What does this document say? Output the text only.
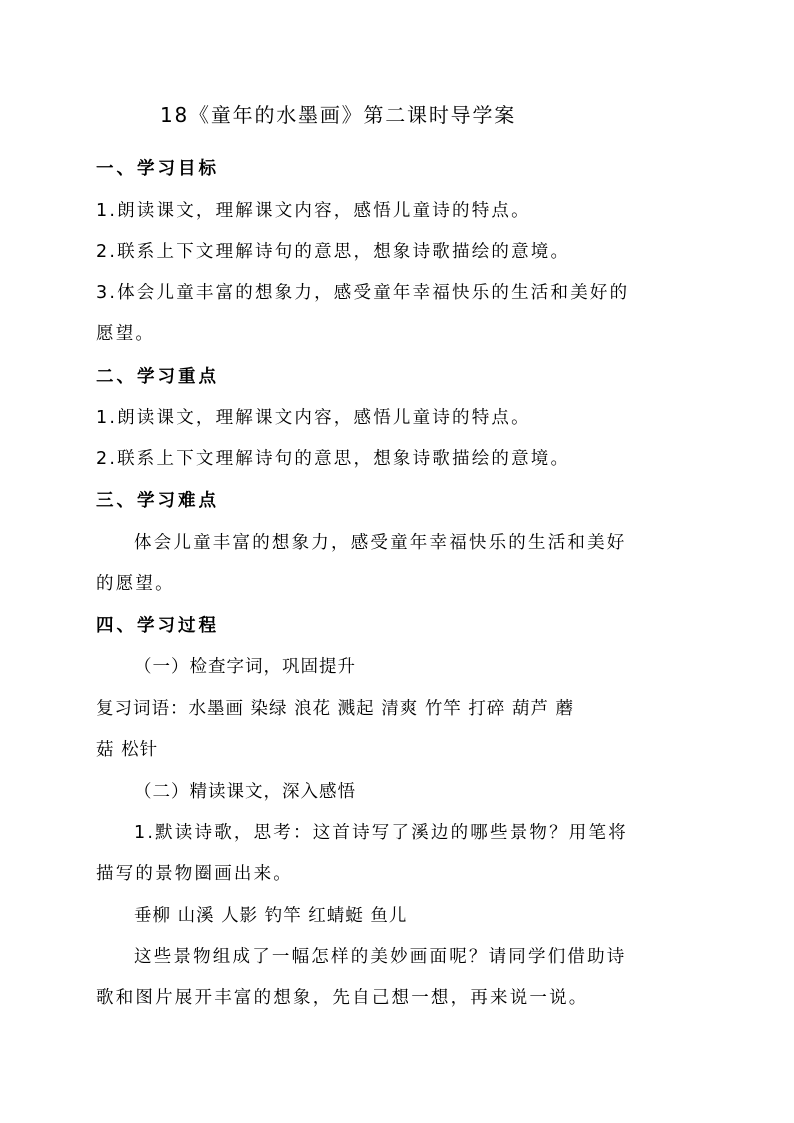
18《童年的水墨画》第二课时导学案
一、学习目标
1.朗读课文，理解课文内容，感悟儿童诗的特点。
2.联系上下文理解诗句的意思，想象诗歌描绘的意境。
3.体会儿童丰富的想象力，感受童年幸福快乐的生活和美好的
愿望。
二、学习重点
1.朗读课文，理解课文内容，感悟儿童诗的特点。
2.联系上下文理解诗句的意思，想象诗歌描绘的意境。
三、学习难点
体会儿童丰富的想象力，感受童年幸福快乐的生活和美好
的愿望。
四、学习过程
（一）检查字词，巩固提升
复习词语：水墨画 染绿 浪花 溅起 清爽 竹竿 打碎 葫芦 蘑
菇 松针
（二）精读课文，深入感悟
1.默读诗歌，思考：这首诗写了溪边的哪些景物？用笔将
描写的景物圈画出来。
垂柳 山溪 人影 钓竿 红蜻蜓 鱼儿
这些景物组成了一幅怎样的美妙画面呢？请同学们借助诗
歌和图片展开丰富的想象，先自己想一想，再来说一说。
